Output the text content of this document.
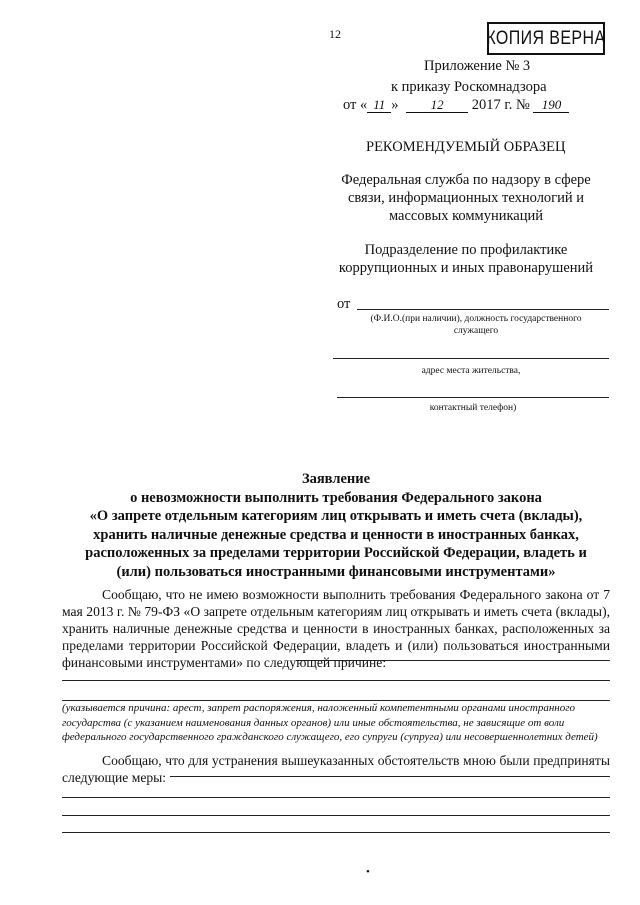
12	КОПИЯ ВЕРНА
Приложение № 3
к приказу Роскомнадзора
от « 11 » 12 2017 г. № 190
РЕКОМЕНДУЕМЫЙ ОБРАЗЕЦ
Федеральная служба по надзору в сфере
связи, информационных технологий и
массовых коммуникаций
Подразделение по профилактике
коррупционных и иных правонарушений
от
(Ф.И.О.(при наличии), должность государственного
служащего
адрес места жительства,
контактный телефон)
Заявление
о невозможности выполнить требования Федерального закона
«О запрете отдельным категориям лиц открывать и иметь счета (вклады),
хранить наличные денежные средства и ценности в иностранных банках,
расположенных за пределами территории Российской Федерации, владеть и
(или) пользоваться иностранными финансовыми инструментами»
Сообщаю, что не имею возможности выполнить требования Федерального закона от 7 мая 2013 г. № 79-ФЗ «О запрете отдельным категориям лиц открывать и иметь счета (вклады), хранить наличные денежные средства и ценности в иностранных банках, расположенных за пределами территории Российской Федерации, владеть и (или) пользоваться иностранными финансовыми инструментами» по следующей причине:
(указывается причина: арест, запрет распоряжения, наложенный компетентными органами иностранного государства (с указанием наименования данных органов) или иные обстоятельства, не зависящие от воли федерального государственного гражданского служащего, его супруги (супруга) или несовершеннолетних детей)
Сообщаю, что для устранения вышеуказанных обстоятельств мною были предприняты следующие меры:
•
